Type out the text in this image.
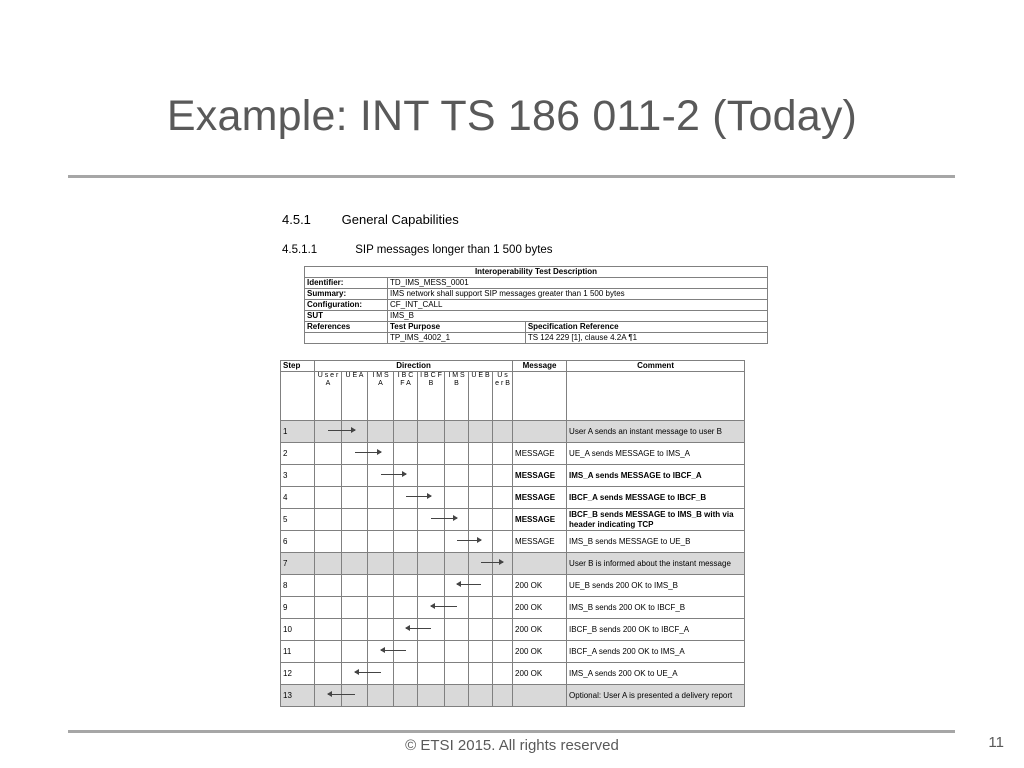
Example: INT TS 186 011-2 (Today)
4.5.1 General Capabilities
4.5.1.1	SIP messages longer than 1 500 bytes
Interoperability Test Description		
Identifier:	TD_IMS_MESS_0001	
Summary:	IMS network shall support SIP messages greater than 1 500 bytes	
Configuration:	CF_INT_CALL	
SUT	IMS_B	
References	Test Purpose	Specification Reference
	TP_IMS_4002_1	TS 124 229 [1], clause 4.2A ¶1
Step	Direction								Message	Comment
	U s e r A	U E A	I M S A	I B C F A	I B C F B	I M S B	U E B	U s e r B		
1										User A sends an instant message to user B
2									MESSAGE	UE_A sends MESSAGE to IMS_A
3									MESSAGE	IMS_A sends MESSAGE to IBCF_A
4									MESSAGE	IBCF_A sends MESSAGE to IBCF_B
5									MESSAGE	IBCF_B sends MESSAGE to IMS_B with via header indicating TCP
6									MESSAGE	IMS_B sends MESSAGE to UE_B
7										User B is informed about the instant message
8									200 OK	UE_B sends 200 OK to IMS_B
9									200 OK	IMS_B sends 200 OK to IBCF_B
10									200 OK	IBCF_B sends 200 OK to IBCF_A
11									200 OK	IBCF_A sends 200 OK to IMS_A
12									200 OK	IMS_A sends 200 OK to UE_A
13										Optional: User A is presented a delivery report
© ETSI 2015. All rights reserved	11
